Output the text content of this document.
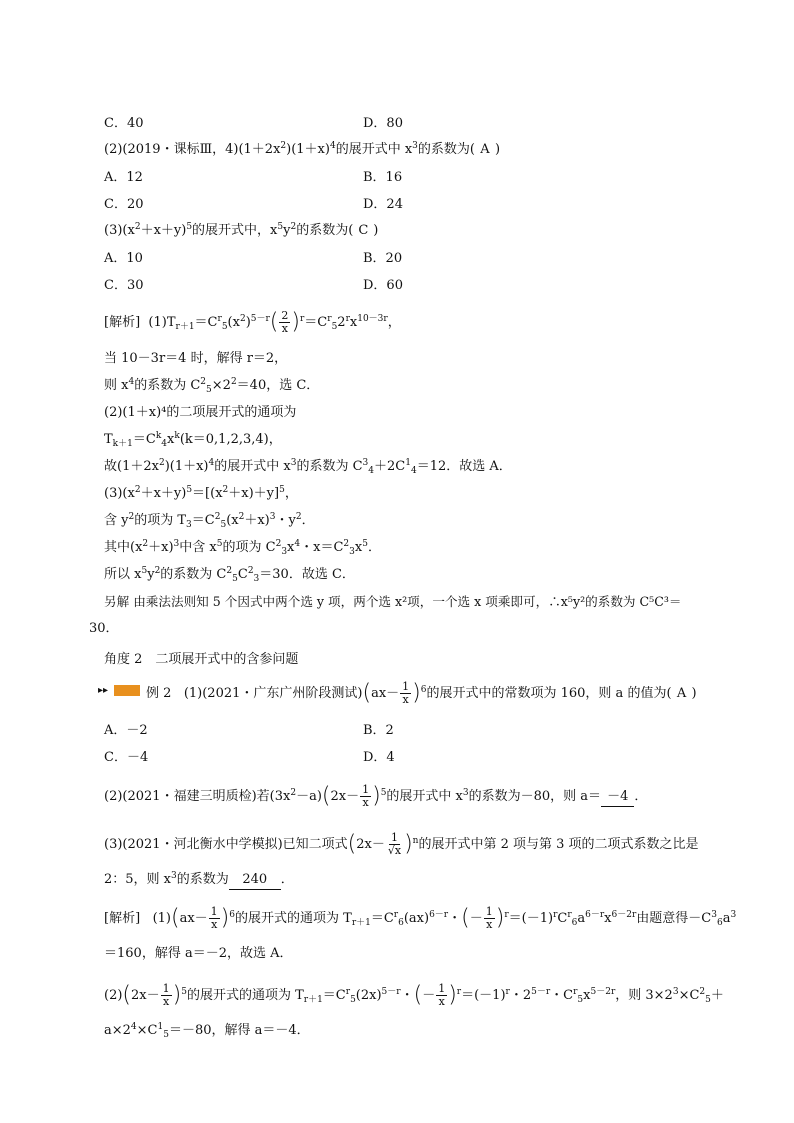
C．40	D．80
(2)(2019・课标Ⅲ，$4)(1+2x^2)(1+x)^4$的展开式中 $x^3$的系数为( A )
A．12	B．16
C．20	D．24
$(3)(x^2+x+y)^5$的展开式中，$x^5y^2$的系数为( C )
A．10	B．20
C．30	D．60
[解析] $(1)T_{r+1}=C^r_5(x^2)^{5-r}( \frac{2}{x} )^r=C^r_52^rx^{10-3r}$，
当 10－3r＝4 时，解得 r＝2，
则 $x^4$的系数为 $C^2_5\times 2^2=40$，选 C．
(2)(1＋x)⁴的二项展开式的通项为
$T_{k+1}=C^k_4x^k(k=0,1,2,3,4)$，
故$(1+2x^2)(1+x)^4$的展开式中 $x^3$的系数为 $C^3_4+2C^1_4=12$．故选 A．
$(3)(x^2+x+y)^5=[(x^2+x)+y]^5$，
含 $y^2$的项为 $T_3=C^2_5(x^2+x)^3$・$y^2$．
其中$(x^2+x)^3$中含 $x^5$的项为 $C^2_3x^4$・$x=C^2_3x^5$．
所以 $x^5y^2$的系数为 $C^2_5C^2_3=30$．故选 C．
另解 由乘法法则知 5 个因式中两个选 y 项，两个选 x²项，一个选 x 项乘即可，∴x⁵y²的系数为 C⁵C³＝
30．
角度 2　二项展开式中的含参问题
▸▸	例 2 (1)(2021・广东广州阶段测试)$(ax- \frac{1}{x} )^6$的展开式中的常数项为 160，则 a 的值为( A )
A．－2	B．2
C．－4	D．4
(2)(2021・福建三明质检)若$(3x^2-a)(2x- \frac{1}{x} )^5$的展开式中 $x^3$的系数为－80，则 a＝ －4 ．
(3)(2021・河北衡水中学模拟)已知二项式$(2x- \frac{1}{√x} )^n$的展开式中第 2 项与第 3 项的二项式系数之比是
2：5，则 $x^3$的系数为 240 ．
[解析] $(1)(ax- \frac{1}{x} )^6$的展开式的通项为 $T_{r+1}=C^r_6(ax)^{6-r}$・(－ $\frac{1}{x} )^r=(-1)^rC^r_6a^{6-r}x^{6-2r}$由题意得$-C^3_6a^3$
＝160，解得 a＝－2，故选 A．
$(2)(2x- \frac{1}{x} )^5$的展开式的通项为 $T_{r+1}=C^r_5(2x)^{5-r}$・(－ $\frac{1}{x} )^r=(-1)^r$・$2^{5-r}$・$C^r_5x^{5-2r}$，则 $3\times 2^3\times C^2_5+$
$a\times 2^4\times C^1_5=-80$，解得 a＝－4．
